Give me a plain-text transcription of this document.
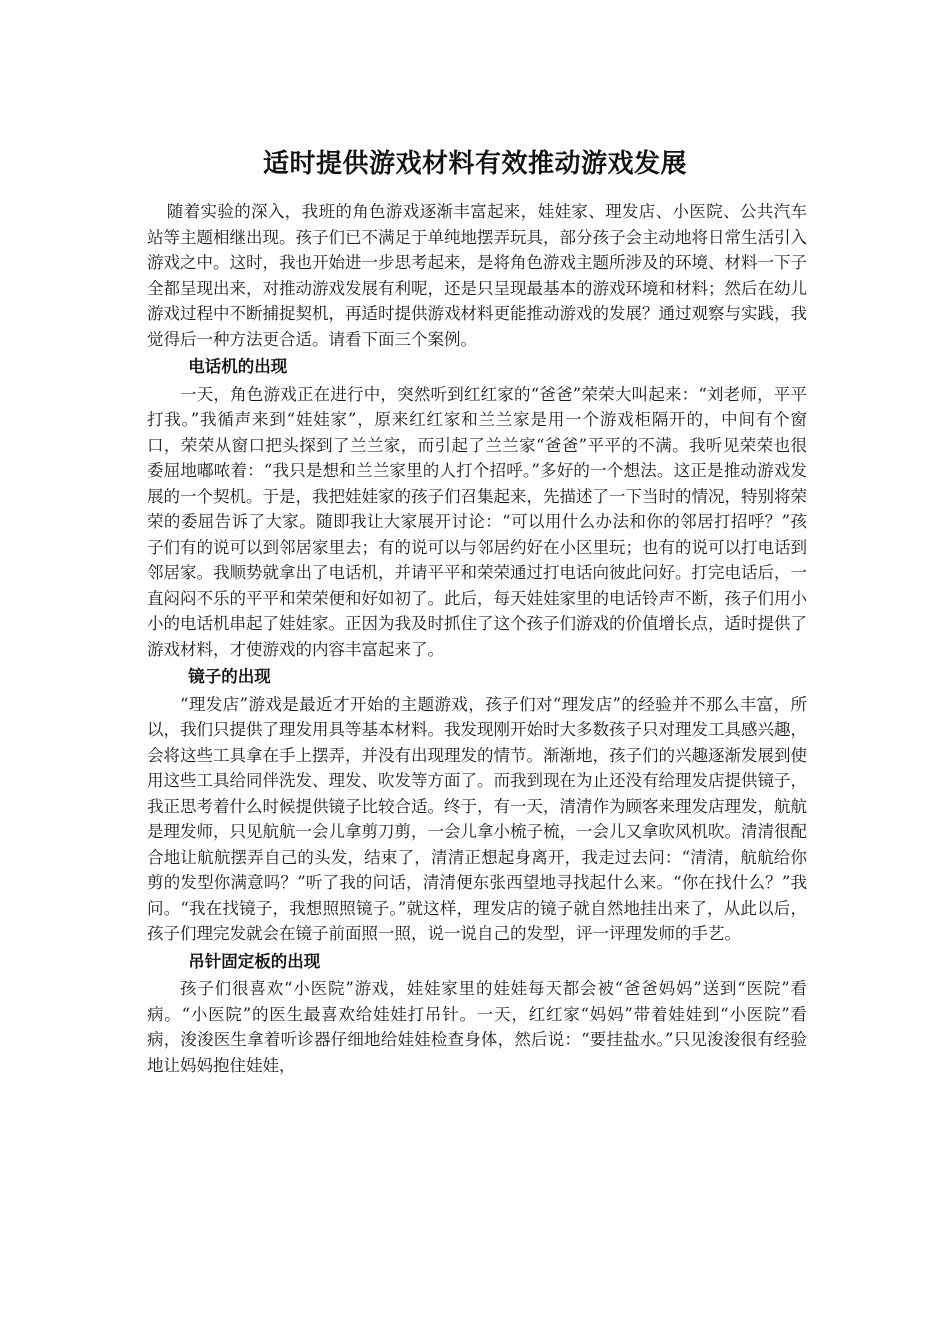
适时提供游戏材料有效推动游戏发展

随着实验的深入，我班的角色游戏逐渐丰富起来，娃娃家、理发店、小医院、公共汽车站等主题相继出现。孩子们已不满足于单纯地摆弄玩具，部分孩子会主动地将日常生活引入游戏之中。这时，我也开始进一步思考起来，是将角色游戏主题所涉及的环境、材料一下子全都呈现出来，对推动游戏发展有利呢，还是只呈现最基本的游戏环境和材料；然后在幼儿游戏过程中不断捕捉契机，再适时提供游戏材料更能推动游戏的发展？通过观察与实践，我觉得后一种方法更合适。请看下面三个案例。

电话机的出现

一天，角色游戏正在进行中，突然听到红红家的“爸爸”荣荣大叫起来：“刘老师，平平打我。”我循声来到“娃娃家”，原来红红家和兰兰家是用一个游戏柜隔开的，中间有个窗口，荣荣从窗口把头探到了兰兰家，而引起了兰兰家“爸爸”平平的不满。我听见荣荣也很委屈地嘟哝着：“我只是想和兰兰家里的人打个招呼。”多好的一个想法。这正是推动游戏发展的一个契机。于是，我把娃娃家的孩子们召集起来，先描述了一下当时的情况，特别将荣荣的委屈告诉了大家。随即我让大家展开讨论：“可以用什么办法和你的邻居打招呼？”孩子们有的说可以到邻居家里去；有的说可以与邻居约好在小区里玩；也有的说可以打电话到邻居家。我顺势就拿出了电话机，并请平平和荣荣通过打电话向彼此问好。打完电话后，一直闷闷不乐的平平和荣荣便和好如初了。此后，每天娃娃家里的电话铃声不断，孩子们用小小的电话机串起了娃娃家。正因为我及时抓住了这个孩子们游戏的价值增长点，适时提供了游戏材料，才使游戏的内容丰富起来了。

镜子的出现

“理发店”游戏是最近才开始的主题游戏，孩子们对“理发店”的经验并不那么丰富，所以，我们只提供了理发用具等基本材料。我发现刚开始时大多数孩子只对理发工具感兴趣，会将这些工具拿在手上摆弄，并没有出现理发的情节。渐渐地，孩子们的兴趣逐渐发展到使用这些工具给同伴洗发、理发、吹发等方面了。而我到现在为止还没有给理发店提供镜子，我正思考着什么时候提供镜子比较合适。终于，有一天，清清作为顾客来理发店理发，航航是理发师，只见航航一会儿拿剪刀剪，一会儿拿小梳子梳，一会儿又拿吹风机吹。清清很配合地让航航摆弄自己的头发，结束了，清清正想起身离开，我走过去问：“清清，航航给你剪的发型你满意吗？”听了我的问话，清清便东张西望地寻找起什么来。“你在找什么？”我问。“我在找镜子，我想照照镜子。”就这样，理发店的镜子就自然地挂出来了，从此以后，孩子们理完发就会在镜子前面照一照，说一说自己的发型，评一评理发师的手艺。

吊针固定板的出现

孩子们很喜欢“小医院”游戏，娃娃家里的娃娃每天都会被“爸爸妈妈”送到“医院”看病。“小医院”的医生最喜欢给娃娃打吊针。一天，红红家“妈妈”带着娃娃到“小医院”看病，浚浚医生拿着听诊器仔细地给娃娃检查身体，然后说：“要挂盐水。”只见浚浚很有经验地让妈妈抱住娃娃，
